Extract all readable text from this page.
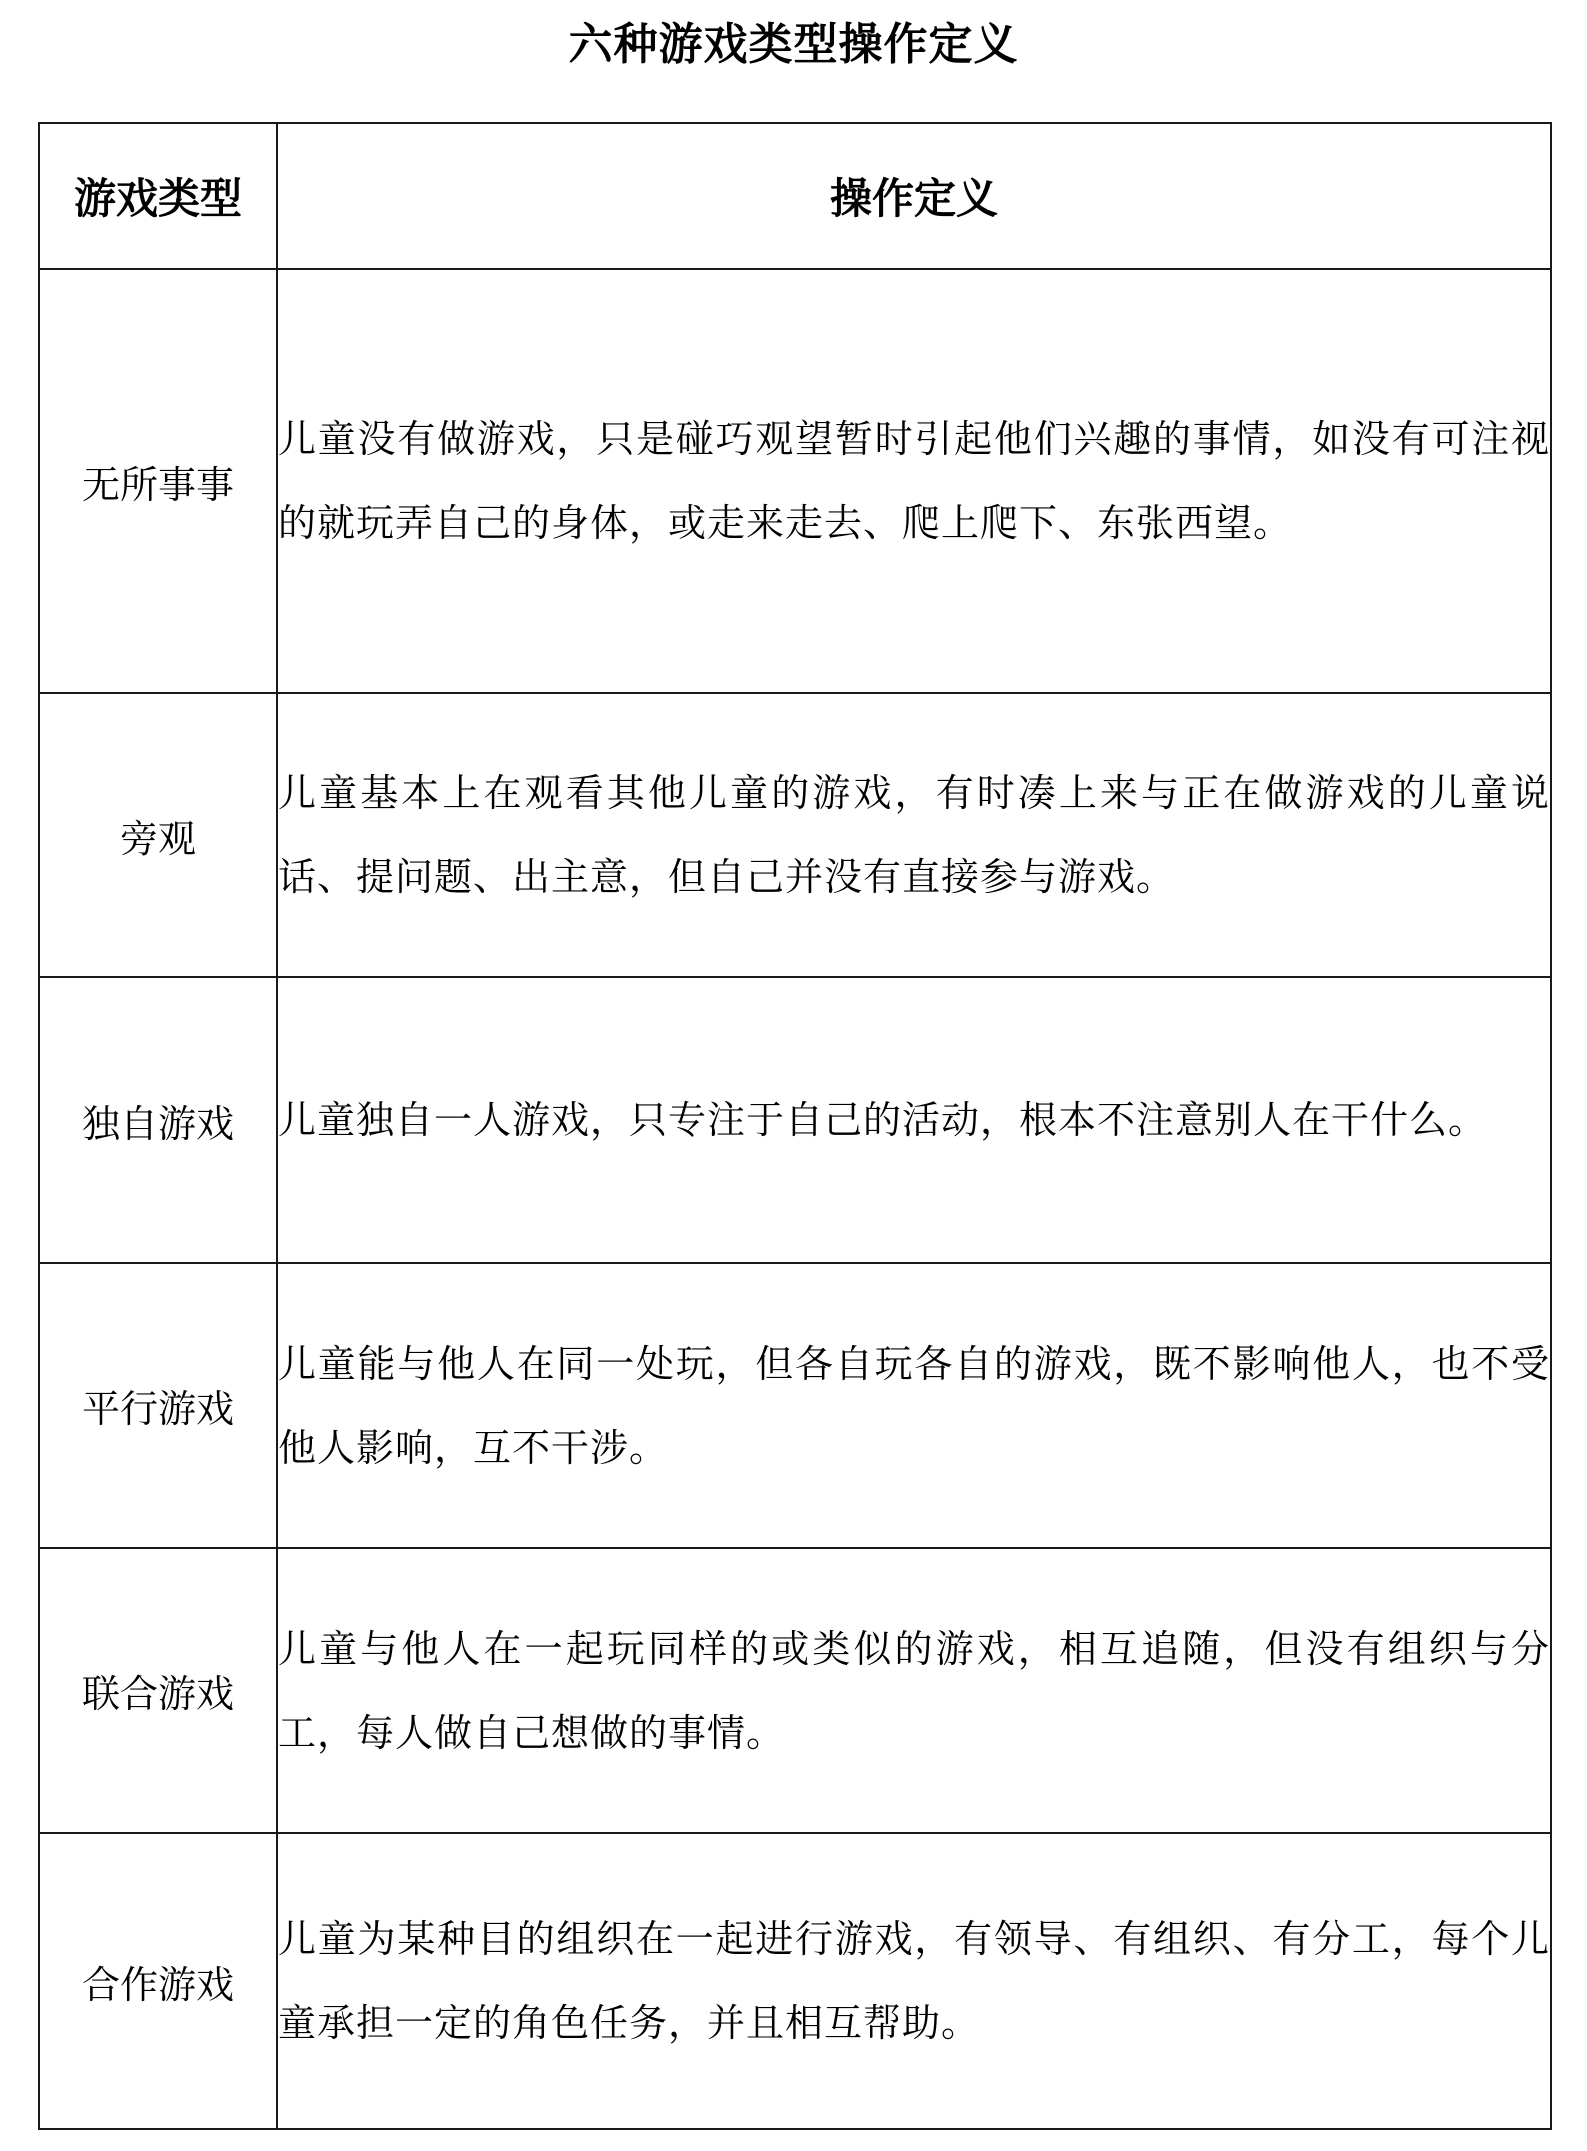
六种游戏类型操作定义
游戏类型	操作定义
无所事事	儿童没有做游戏，只是碰巧观望暂时引起他们兴趣的事情，如没有可注视的就玩弄自己的身体，或走来走去、爬上爬下、东张西望。
旁观	儿童基本上在观看其他儿童的游戏，有时凑上来与正在做游戏的儿童说话、提问题、出主意，但自己并没有直接参与游戏。
独自游戏	儿童独自一人游戏，只专注于自己的活动，根本不注意别人在干什么。
平行游戏	儿童能与他人在同一处玩，但各自玩各自的游戏，既不影响他人，也不受他人影响，互不干涉。
联合游戏	儿童与他人在一起玩同样的或类似的游戏，相互追随，但没有组织与分工，每人做自己想做的事情。
合作游戏	儿童为某种目的组织在一起进行游戏，有领导、有组织、有分工，每个儿童承担一定的角色任务，并且相互帮助。
